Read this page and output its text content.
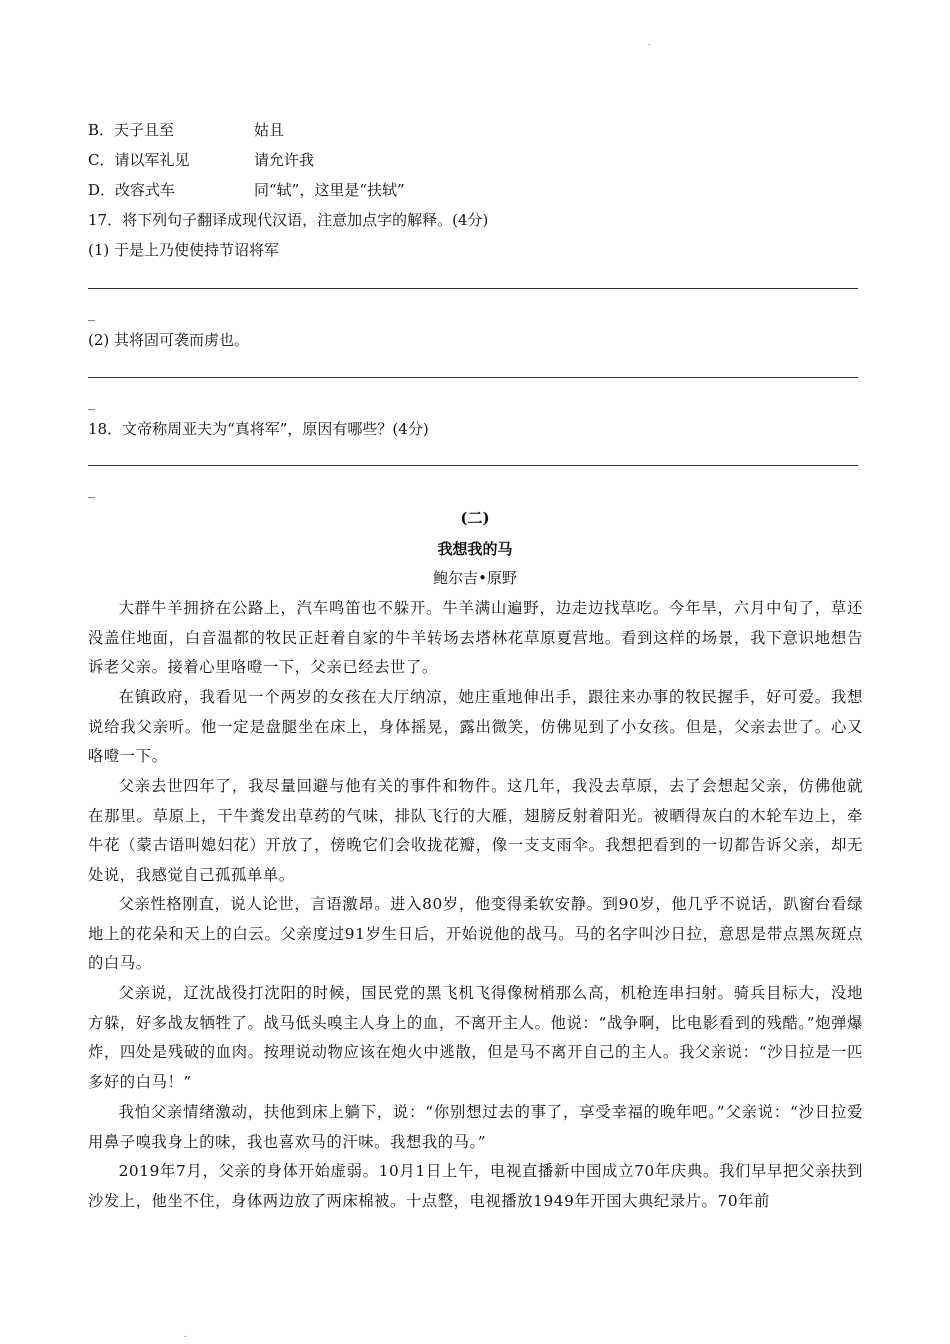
.
B．天子且至	姑且
C．请以军礼见	请允许我
D．改容式车	同“轼”，这里是“扶轼”
17．将下列句子翻译成现代汉语，注意加点字的解释。(4分)
(1) 于是上乃使使持节诏将军
_
(2) 其将固可袭而虏也。
_
18．文帝称周亚夫为“真将军”，原因有哪些？(4分)
_
(二)
我想我的马
鲍尔吉•原野

大群牛羊拥挤在公路上，汽车鸣笛也不躲开。牛羊满山遍野，边走边找草吃。今年旱，六月中旬了，草还没盖住地面，白音温都的牧民正赶着自家的牛羊转场去塔林花草原夏营地。看到这样的场景，我下意识地想告诉老父亲。接着心里咯噔一下，父亲已经去世了。

在镇政府，我看见一个两岁的女孩在大厅纳凉，她庄重地伸出手，跟往来办事的牧民握手，好可爱。我想说给我父亲听。他一定是盘腿坐在床上，身体摇晃，露出微笑，仿佛见到了小女孩。但是，父亲去世了。心又咯噔一下。

父亲去世四年了，我尽量回避与他有关的事件和物件。这几年，我没去草原，去了会想起父亲，仿佛他就在那里。草原上，干牛粪发出草药的气味，排队飞行的大雁，翅膀反射着阳光。被晒得灰白的木轮车边上，牵牛花（蒙古语叫媳妇花）开放了，傍晚它们会收拢花瓣，像一支支雨伞。我想把看到的一切都告诉父亲，却无处说，我感觉自己孤孤单单。

父亲性格刚直，说人论世，言语激昂。进入80岁，他变得柔软安静。到90岁，他几乎不说话，趴窗台看绿地上的花朵和天上的白云。父亲度过91岁生日后，开始说他的战马。马的名字叫沙日拉，意思是带点黑灰斑点的白马。

父亲说，辽沈战役打沈阳的时候，国民党的黑飞机飞得像树梢那么高，机枪连串扫射。骑兵目标大，没地方躲，好多战友牺牲了。战马低头嗅主人身上的血，不离开主人。他说：“战争啊，比电影看到的残酷。”炮弹爆炸，四处是残破的血肉。按理说动物应该在炮火中逃散，但是马不离开自己的主人。我父亲说：“沙日拉是一匹多好的白马！”

我怕父亲情绪激动，扶他到床上躺下，说：“你别想过去的事了，享受幸福的晚年吧。”父亲说：“沙日拉爱用鼻子嗅我身上的味，我也喜欢马的汗味。我想我的马。”

2019年7月，父亲的身体开始虚弱。10月1日上午，电视直播新中国成立70年庆典。我们早早把父亲扶到沙发上，他坐不住，身体两边放了两床棉被。十点整，电视播放1949年开国大典纪录片。70年前

.
